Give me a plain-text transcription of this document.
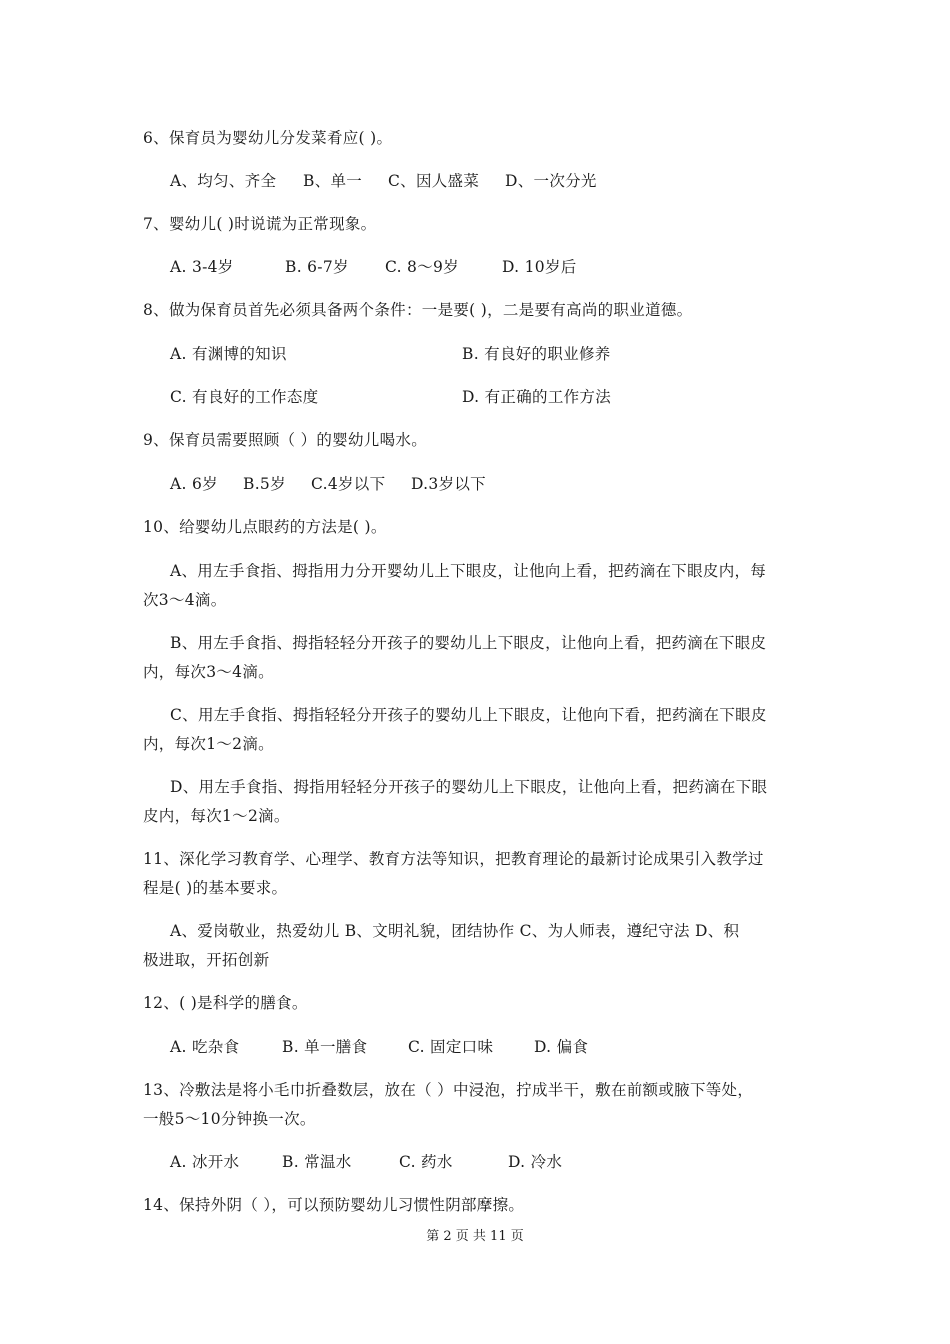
6、保育员为婴幼儿分发菜肴应( )。
A、均匀、齐全 B、单一 C、因人盛菜 D、一次分光
7、婴幼儿( )时说谎为正常现象。
A. 3-4岁	B. 6-7岁 C. 8～9岁	D. 10岁后
8、做为保育员首先必须具备两个条件：一是要( )，二是要有高尚的职业道德。
A. 有渊博的知识	B. 有良好的职业修养
C. 有良好的工作态度	D. 有正确的工作方法
9、保育员需要照顾（ ）的婴幼儿喝水。
A. 6岁 B.5岁 C.4岁以下 D.3岁以下
10、给婴幼儿点眼药的方法是( )。
A、用左手食指、拇指用力分开婴幼儿上下眼皮，让他向上看，把药滴在下眼皮内，每
次3～4滴。
B、用左手食指、拇指轻轻分开孩子的婴幼儿上下眼皮，让他向上看，把药滴在下眼皮
内，每次3～4滴。
C、用左手食指、拇指轻轻分开孩子的婴幼儿上下眼皮，让他向下看，把药滴在下眼皮
内，每次1～2滴。
D、用左手食指、拇指用轻轻分开孩子的婴幼儿上下眼皮，让他向上看，把药滴在下眼
皮内，每次1～2滴。
11、深化学习教育学、心理学、教育方法等知识，把教育理论的最新讨论成果引入教学过
程是( )的基本要求。
A、爱岗敬业，热爱幼儿 B、文明礼貌，团结协作 C、为人师表，遵纪守法 D、积
极进取，开拓创新
12、( )是科学的膳食。
A. 吃杂食	B. 单一膳食	C. 固定口味	D. 偏食
13、冷敷法是将小毛巾折叠数层，放在（ ）中浸泡，拧成半干，敷在前额或腋下等处，
一般5～10分钟换一次。
A. 冰开水	B. 常温水	C. 药水	D. 冷水
14、保持外阴（ ），可以预防婴幼儿习惯性阴部摩擦。
第 2 页 共 11 页
